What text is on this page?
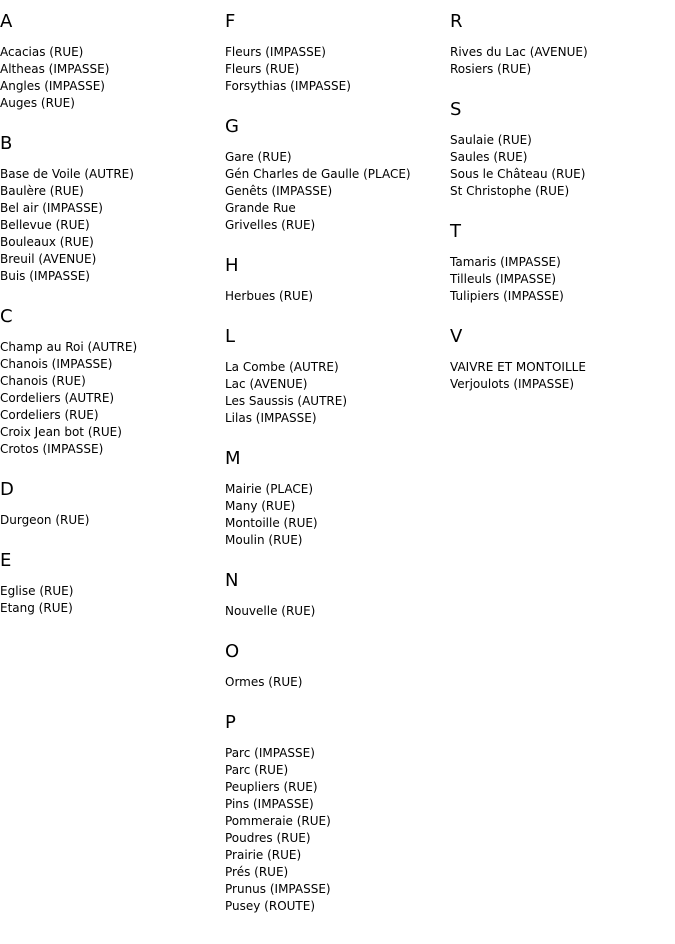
A
Acacias (RUE)
Altheas (IMPASSE)
Angles (IMPASSE)
Auges (RUE)
B
Base de Voile (AUTRE)
Baulère (RUE)
Bel air (IMPASSE)
Bellevue (RUE)
Bouleaux (RUE)
Breuil (AVENUE)
Buis (IMPASSE)
C
Champ au Roi (AUTRE)
Chanois (IMPASSE)
Chanois (RUE)
Cordeliers (AUTRE)
Cordeliers (RUE)
Croix Jean bot (RUE)
Crotos (IMPASSE)
D
Durgeon (RUE)
E
Eglise (RUE)
Etang (RUE)
F
Fleurs (IMPASSE)
Fleurs (RUE)
Forsythias (IMPASSE)
G
Gare (RUE)
Gén Charles de Gaulle (PLACE)
Genêts (IMPASSE)
Grande Rue
Grivelles (RUE)
H
Herbues (RUE)
L
La Combe (AUTRE)
Lac (AVENUE)
Les Saussis (AUTRE)
Lilas (IMPASSE)
M
Mairie (PLACE)
Many (RUE)
Montoille (RUE)
Moulin (RUE)
N
Nouvelle (RUE)
O
Ormes (RUE)
P
Parc (IMPASSE)
Parc (RUE)
Peupliers (RUE)
Pins (IMPASSE)
Pommeraie (RUE)
Poudres (RUE)
Prairie (RUE)
Prés (RUE)
Prunus (IMPASSE)
Pusey (ROUTE)
R
Rives du Lac (AVENUE)
Rosiers (RUE)
S
Saulaie (RUE)
Saules (RUE)
Sous le Château (RUE)
St Christophe (RUE)
T
Tamaris (IMPASSE)
Tilleuls (IMPASSE)
Tulipiers (IMPASSE)
V
VAIVRE ET MONTOILLE
Verjoulots (IMPASSE)
